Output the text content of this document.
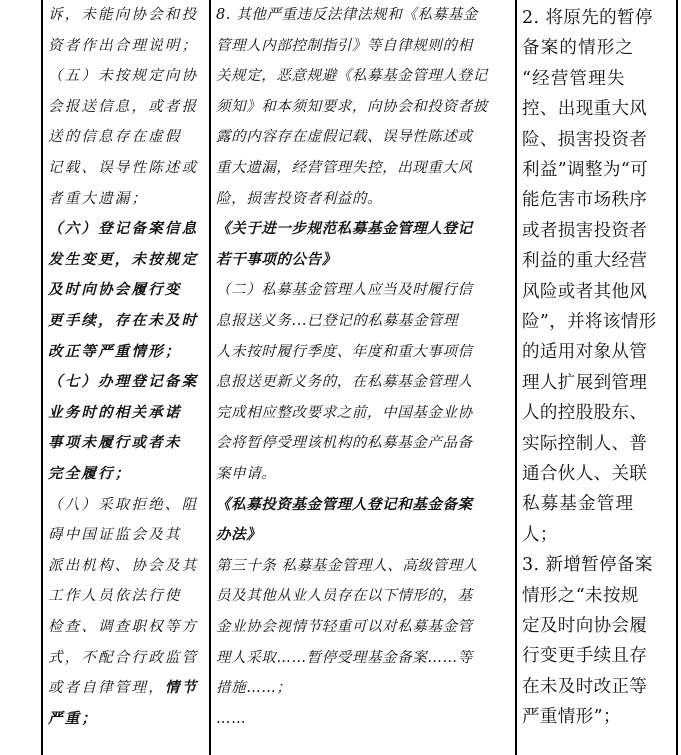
诉，未能向协会和投
资者作出合理说明；
（五）未按规定向协
会报送信息，或者报
送的信息存在虚假
记载、误导性陈述或
者重大遗漏；
（六）登记备案信息
发生变更，未按规定
及时向协会履行变
更手续，存在未及时
改正等严重情形；
（七）办理登记备案
业务时的相关承诺
事项未履行或者未
完全履行；
（八）采取拒绝、阻
碍中国证监会及其
派出机构、协会及其
工作人员依法行使
检查、调查职权等方
式，不配合行政监管
或者自律管理，情节
严重；
8. 其他严重违反法律法规和《私募基金
管理人内部控制指引》等自律规则的相
关规定，恶意规避《私募基金管理人登记
须知》和本须知要求，向协会和投资者披
露的内容存在虚假记载、误导性陈述或
重大遗漏，经营管理失控，出现重大风
险，损害投资者利益的。
《关于进一步规范私募基金管理人登记
若干事项的公告》
（二）私募基金管理人应当及时履行信
息报送义务...已登记的私募基金管理
人未按时履行季度、年度和重大事项信
息报送更新义务的，在私募基金管理人
完成相应整改要求之前，中国基金业协
会将暂停受理该机构的私募基金产品备
案申请。
《私募投资基金管理人登记和基金备案
办法》
第三十条 私募基金管理人、高级管理人
员及其他从业人员存在以下情形的，基
金业协会视情节轻重可以对私募基金管
理人采取……暂停受理基金备案……等
措施……；
……
2. 将原先的暂停
备案的情形之
“经营管理失
控、出现重大风
险、损害投资者
利益”调整为“可
能危害市场秩序
或者损害投资者
利益的重大经营
风险或者其他风
险”，并将该情形
的适用对象从管
理人扩展到管理
人的控股股东、
实际控制人、普
通合伙人、关联
私募基金管理
人；
3. 新增暂停备案
情形之“未按规
定及时向协会履
行变更手续且存
在未及时改正等
严重情形”；
